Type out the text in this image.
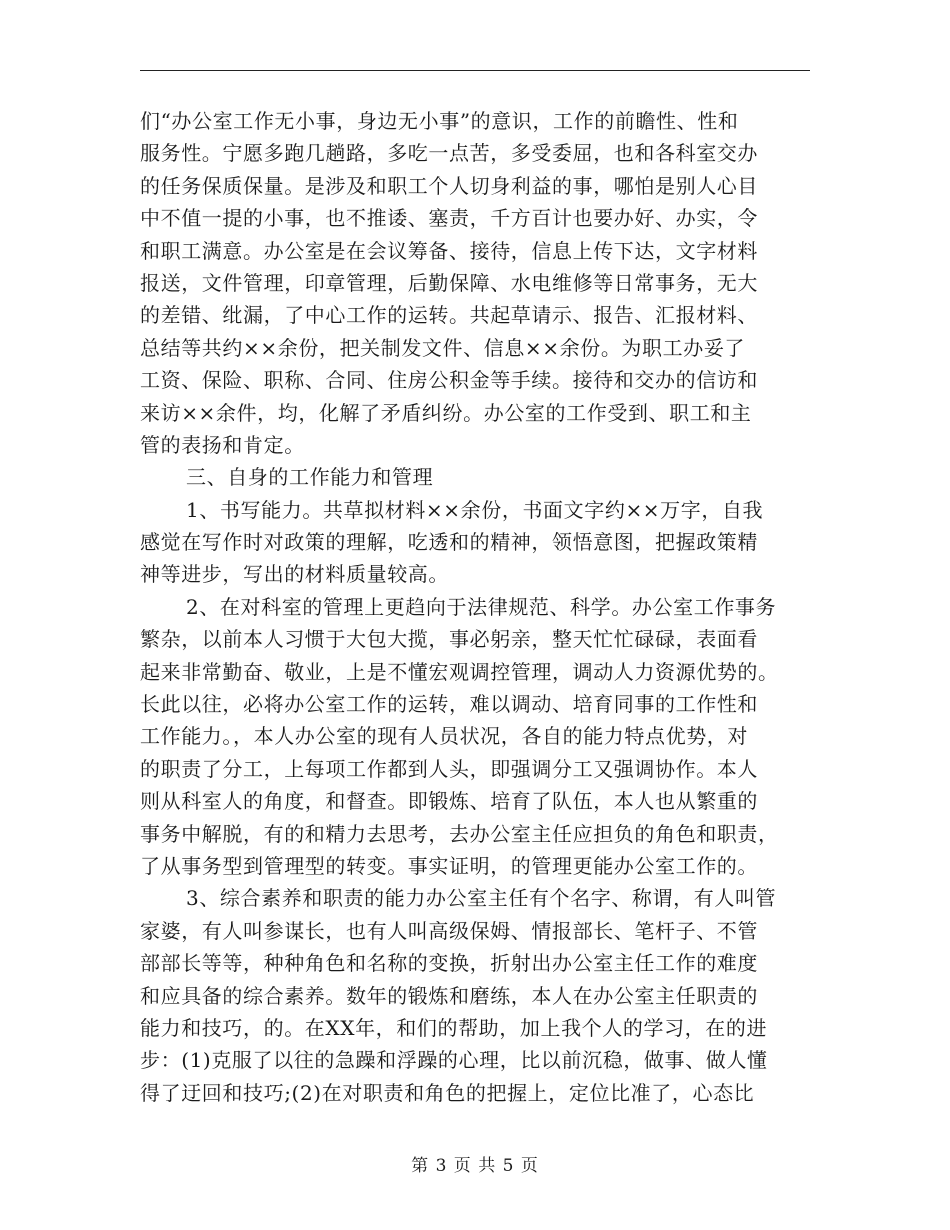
们“办公室工作无小事，身边无小事”的意识，工作的前瞻性、性和
服务性。宁愿多跑几趟路，多吃一点苦，多受委屈，也和各科室交办
的任务保质保量。是涉及和职工个人切身利益的事，哪怕是别人心目
中不值一提的小事，也不推诿、塞责，千方百计也要办好、办实，令
和职工满意。办公室是在会议筹备、接待，信息上传下达，文字材料
报送，文件管理，印章管理，后勤保障、水电维修等日常事务，无大
的差错、纰漏，了中心工作的运转。共起草请示、报告、汇报材料、
总结等共约××余份，把关制发文件、信息××余份。为职工办妥了
工资、保险、职称、合同、住房公积金等手续。接待和交办的信访和
来访××余件，均，化解了矛盾纠纷。办公室的工作受到、职工和主
管的表扬和肯定。
三、自身的工作能力和管理
1、书写能力。共草拟材料××余份，书面文字约××万字，自我
感觉在写作时对政策的理解，吃透和的精神，领悟意图，把握政策精
神等进步，写出的材料质量较高。
2、在对科室的管理上更趋向于法律规范、科学。办公室工作事务
繁杂，以前本人习惯于大包大揽，事必躬亲，整天忙忙碌碌，表面看
起来非常勤奋、敬业，上是不懂宏观调控管理，调动人力资源优势的。
长此以往，必将办公室工作的运转，难以调动、培育同事的工作性和
工作能力。，本人办公室的现有人员状况，各自的能力特点优势，对
的职责了分工，上每项工作都到人头，即强调分工又强调协作。本人
则从科室人的角度，和督查。即锻炼、培育了队伍，本人也从繁重的
事务中解脱，有的和精力去思考，去办公室主任应担负的角色和职责，
了从事务型到管理型的转变。事实证明，的管理更能办公室工作的。
3、综合素养和职责的能力办公室主任有个名字、称谓，有人叫管
家婆，有人叫参谋长，也有人叫高级保姆、情报部长、笔杆子、不管
部部长等等，种种角色和名称的变换，折射出办公室主任工作的难度
和应具备的综合素养。数年的锻炼和磨练，本人在办公室主任职责的
能力和技巧，的。在XX年，和们的帮助，加上我个人的学习，在的进
步：(1)克服了以往的急躁和浮躁的心理，比以前沉稳，做事、做人懂
得了迂回和技巧;(2)在对职责和角色的把握上，定位比准了，心态比
第 3 页 共 5 页
